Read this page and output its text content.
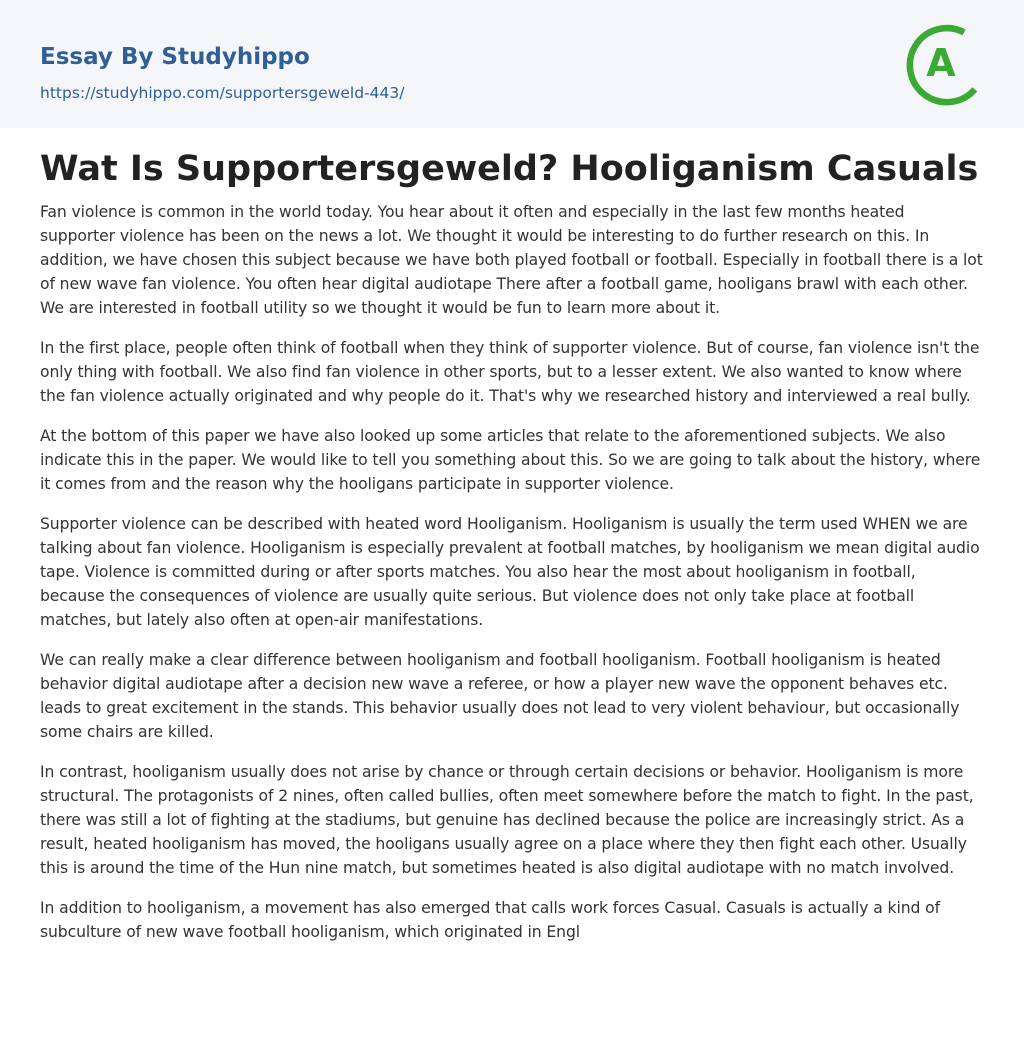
Essay By Studyhippo
https://studyhippo.com/supportersgeweld-443/
A
Wat Is Supportersgeweld? Hooliganism Casuals

Fan violence is common in the world today. You hear about it often and especially in the last few months heated supporter violence has been on the news a lot. We thought it would be interesting to do further research on this. In addition, we have chosen this subject because we have both played football or football. Especially in football there is a lot of new wave fan violence. You often hear digital audiotape There after a football game, hooligans brawl with each other. We are interested in football utility so we thought it would be fun to learn more about it.

In the first place, people often think of football when they think of supporter violence. But of course, fan violence isn't the only thing with football. We also find fan violence in other sports, but to a lesser extent. We also wanted to know where the fan violence actually originated and why people do it. That's why we researched history and interviewed a real bully.

At the bottom of this paper we have also looked up some articles that relate to the aforementioned subjects. We also indicate this in the paper. We would like to tell you something about this. So we are going to talk about the history, where it comes from and the reason why the hooligans participate in supporter violence.

Supporter violence can be described with heated word Hooliganism. Hooliganism is usually the term used WHEN we are talking about fan violence. Hooliganism is especially prevalent at football matches, by hooliganism we mean digital audio tape. Violence is committed during or after sports matches. You also hear the most about hooliganism in football, because the consequences of violence are usually quite serious. But violence does not only take place at football matches, but lately also often at open-air manifestations.

We can really make a clear difference between hooliganism and football hooliganism. Football hooliganism is heated behavior digital audiotape after a decision new wave a referee, or how a player new wave the opponent behaves etc. leads to great excitement in the stands. This behavior usually does not lead to very violent behaviour, but occasionally some chairs are killed.

In contrast, hooliganism usually does not arise by chance or through certain decisions or behavior. Hooliganism is more structural. The protagonists of 2 nines, often called bullies, often meet somewhere before the match to fight. In the past, there was still a lot of fighting at the stadiums, but genuine has declined because the police are increasingly strict. As a result, heated hooliganism has moved, the hooligans usually agree on a place where they then fight each other. Usually this is around the time of the Hun nine match, but sometimes heated is also digital audiotape with no match involved.

In addition to hooliganism, a movement has also emerged that calls work forces Casual. Casuals is actually a kind of subculture of new wave football hooliganism, which originated in Engl
